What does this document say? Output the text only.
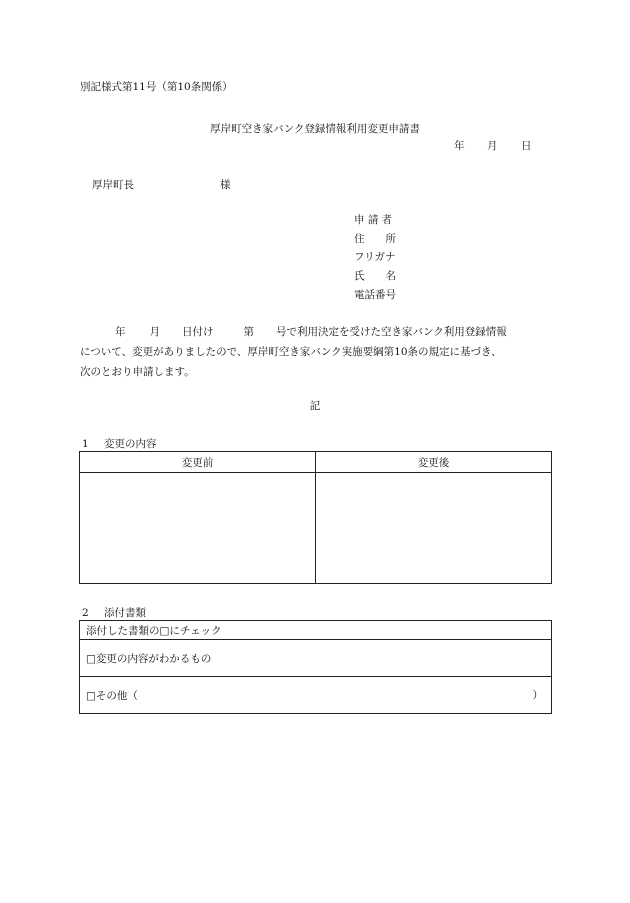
別記様式第11号（第10条関係）
厚岸町空き家バンク登録情報利用変更申請書
年 月 日
厚岸町長	様
申 請 者
住　　所
フリガナ
氏　　名
電話番号
年 月 日付け	第 号で利用決定を受けた空き家バンク利用登録情報
について、変更がありましたので、厚岸町空き家バンク実施要綱第10条の規定に基づき、
次のとおり申請します。
記
1 変更の内容
変更前	変更後

2 添付書類
添付した書類の□にチェック
□変更の内容がわかるもの
□その他（	）
